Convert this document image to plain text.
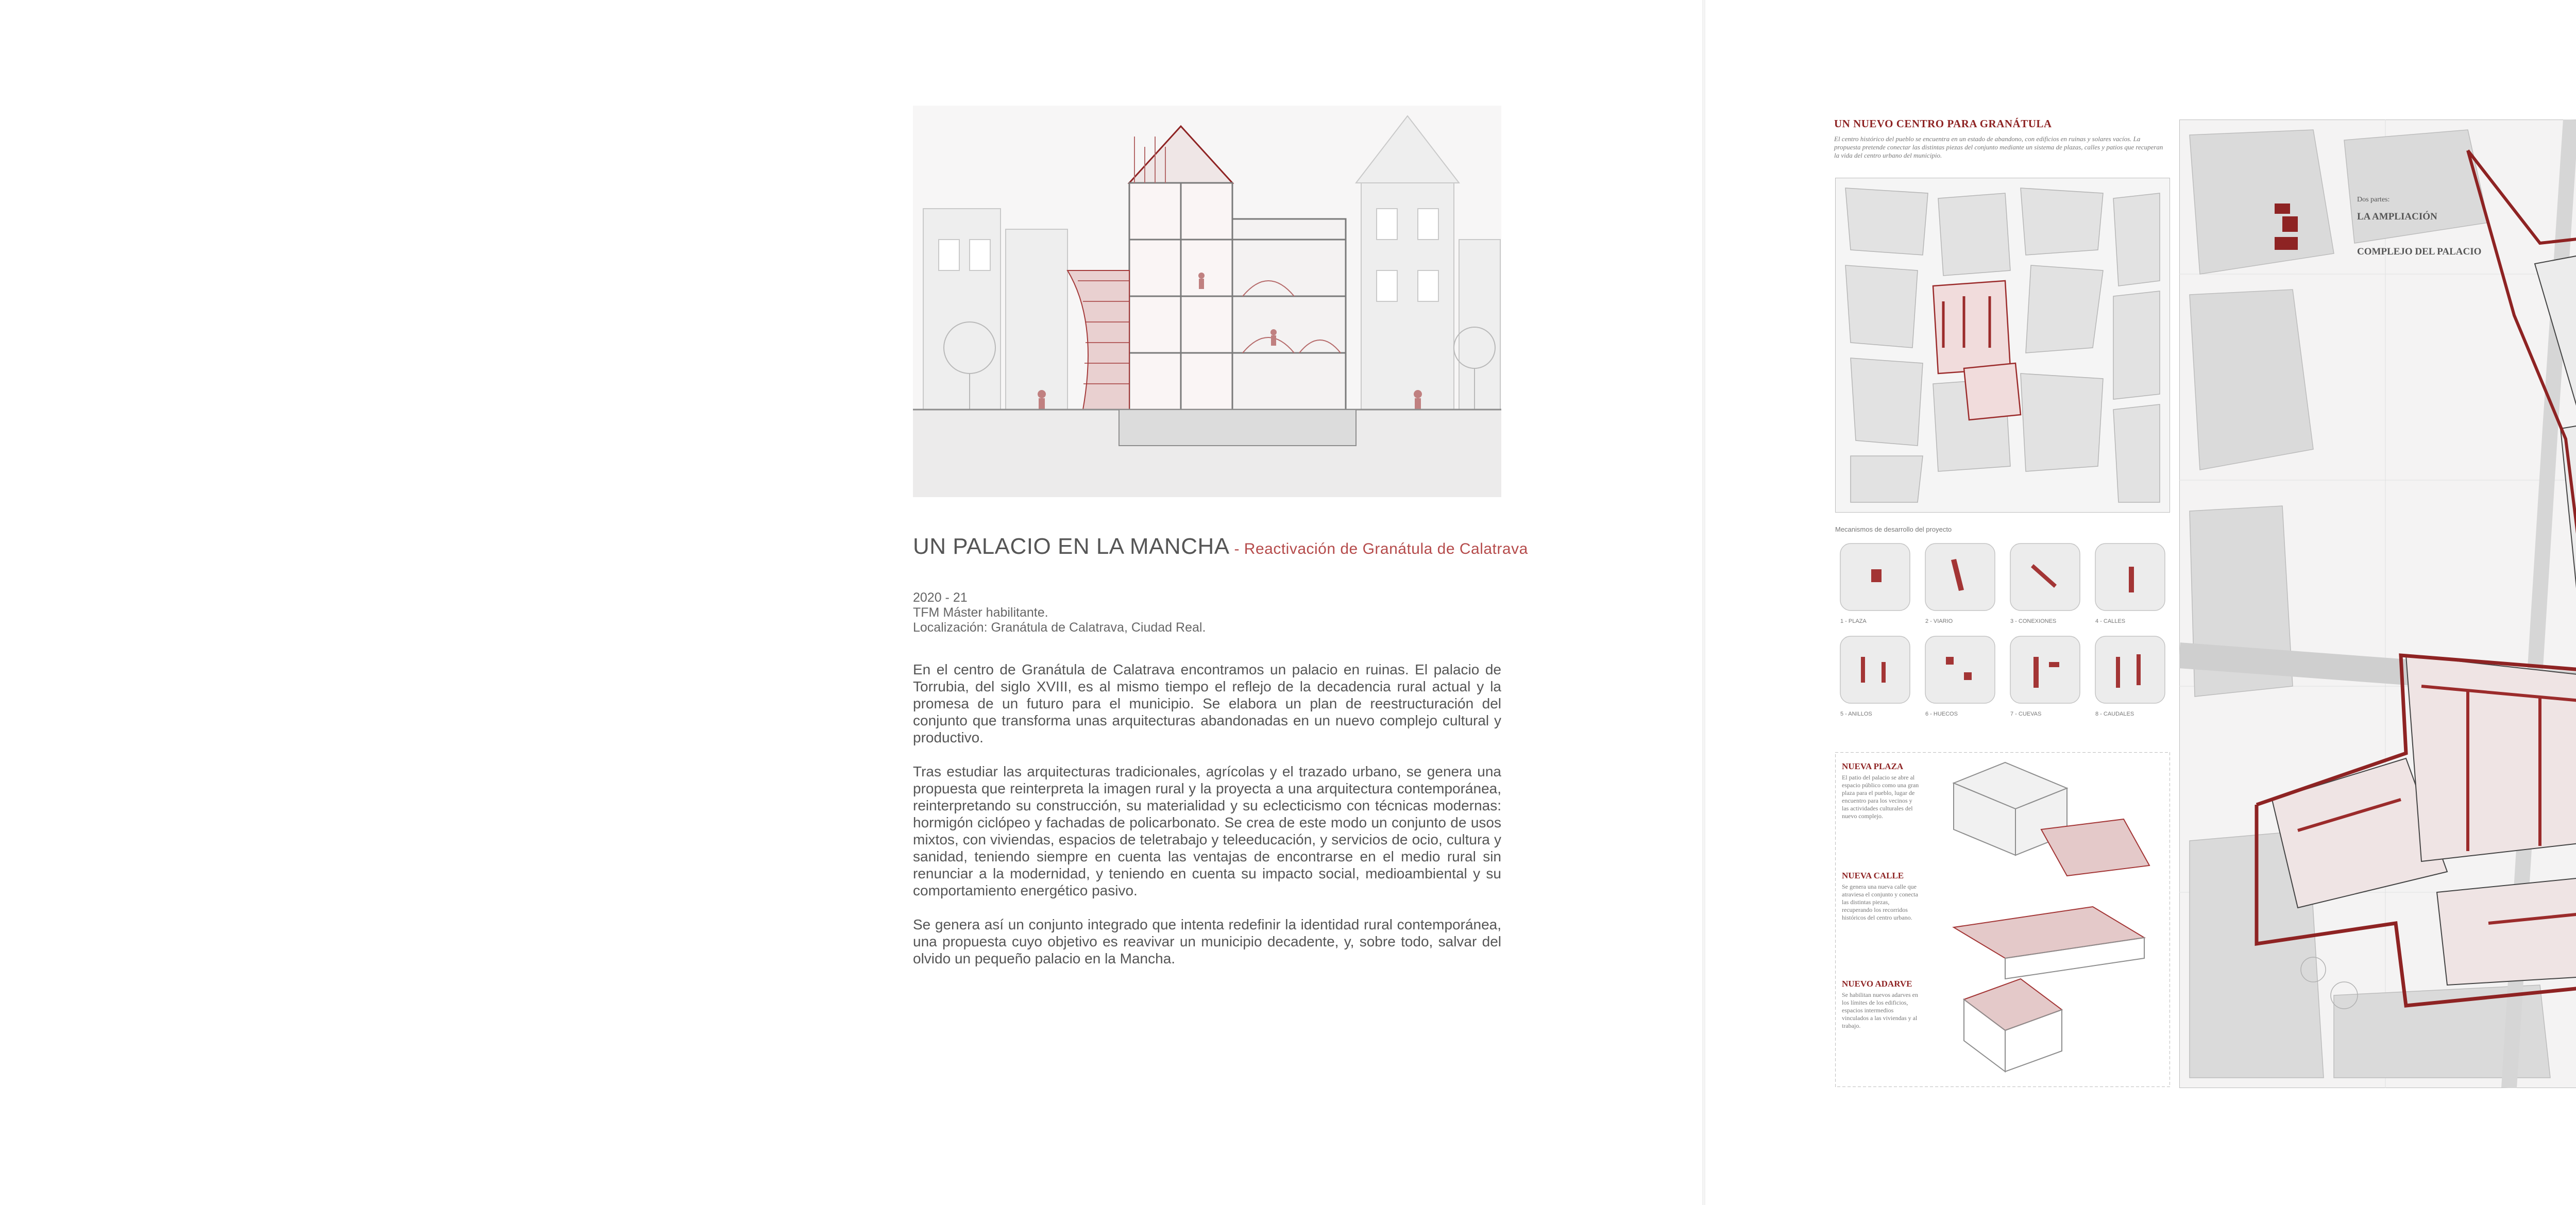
UN PALACIO EN LA MANCHA - Reactivación de Granátula de Calatrava
2020 - 21
TFM Máster habilitante.
Localización: Granátula de Calatrava, Ciudad Real.

En el centro de Granátula de Calatrava encontramos un palacio en ruinas. El palacio de Torrubia, del siglo XVIII, es al mismo tiempo el reflejo de la decadencia rural actual y la promesa de un futuro para el municipio. Se elabora un plan de reestructuración del conjunto que transforma unas arquitecturas abandonadas en un nuevo complejo cultural y productivo.

Tras estudiar las arquitecturas tradicionales, agrícolas y el trazado urbano, se genera una propuesta que reinterpreta la imagen rural y la proyecta a una arquitectura contemporánea, reinterpretando su construcción, su materialidad y su eclecticismo con técnicas modernas: hormigón ciclópeo y fachadas de policarbonato. Se crea de este modo un conjunto de usos mixtos, con viviendas, espacios de teletrabajo y teleeducación, y servicios de ocio, cultura y sanidad, teniendo siempre en cuenta las ventajas de encontrarse en el medio rural sin renunciar a la modernidad, y teniendo en cuenta su impacto social, medioambiental y su comportamiento energético pasivo.

Se genera así un conjunto integrado que intenta redefinir la identidad rural contemporánea, una propuesta cuyo objetivo es reavivar un municipio decadente, y, sobre todo, salvar del olvido un pequeño palacio en la Mancha.

UN NUEVO CENTRO PARA GRANÁTULA
El centro histórico del pueblo se encuentra en un estado de abandono, con edificios en ruinas y solares vacíos. La propuesta pretende conectar las distintas piezas del conjunto mediante un sistema de plazas, calles y patios que recuperan la vida del centro urbano del municipio.
Mecanismos de desarrollo del proyecto
1 - PLAZA	2 - VIARIO	3 - CONEXIONES	4 - CALLES
5 - ANILLOS	6 - HUECOS	7 - CUEVAS	8 - CAUDALES
NUEVA PLAZA
El patio del palacio se abre al espacio público como una gran plaza para el pueblo, lugar de encuentro para los vecinos y las actividades culturales del nuevo complejo.
NUEVA CALLE
Se genera una nueva calle que atraviesa el conjunto y conecta las distintas piezas, recuperando los recorridos históricos del centro urbano.
NUEVO ADARVE
Se habilitan nuevos adarves en los límites de los edificios, espacios intermedios vinculados a las viviendas y al trabajo.
Dos partes:
LA AMPLIACIÓN
COMPLEJO DEL PALACIO
